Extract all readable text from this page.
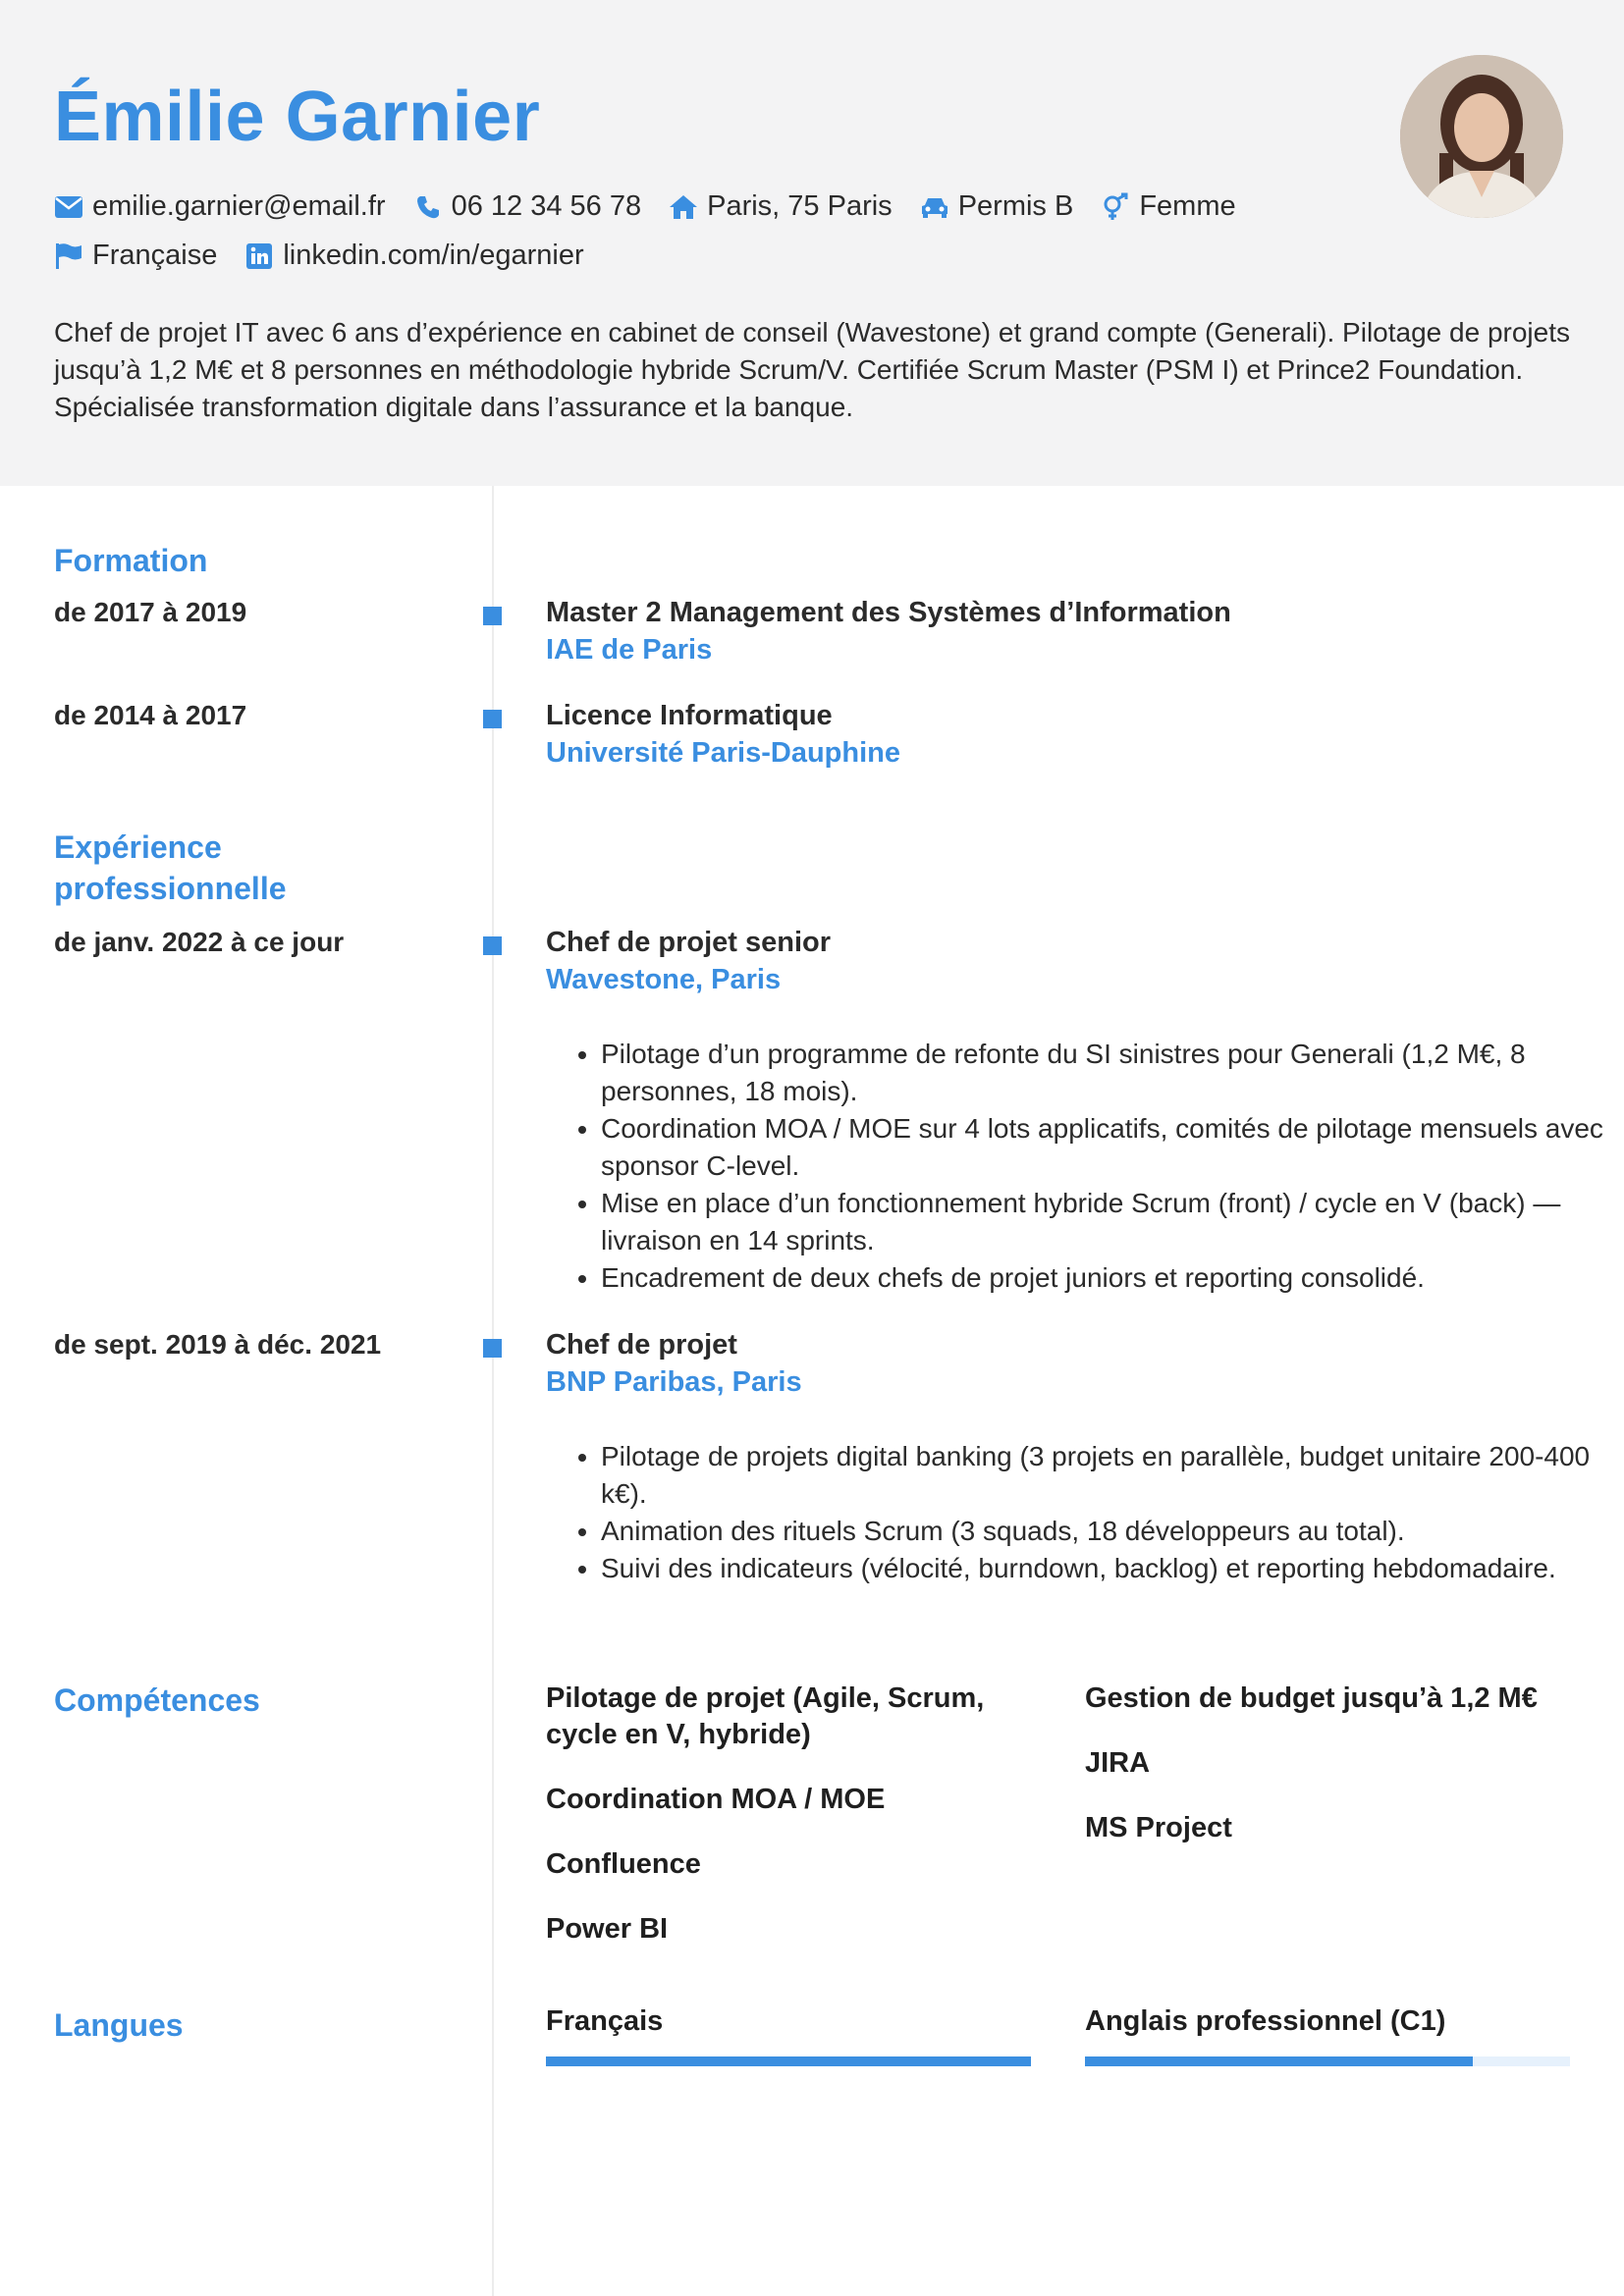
Émilie Garnier
emilie.garnier@email.fr 06 12 34 56 78 Paris, 75 Paris Permis B Femme
Française linkedin.com/in/egarnier
Chef de projet IT avec 6 ans d’expérience en cabinet de conseil (Wavestone) et grand compte (Generali). Pilotage de projets jusqu’à 1,2 M€ et 8 personnes en méthodologie hybride Scrum/V. Certifiée Scrum Master (PSM I) et Prince2 Foundation. Spécialisée transformation digitale dans l’assurance et la banque.
Formation
de 2017 à 2019	Master 2 Management des Systèmes d’Information
IAE de Paris
de 2014 à 2017	Licence Informatique
Université Paris-Dauphine
Expérience
professionnelle
de janv. 2022 à ce jour	Chef de projet senior
Wavestone, Paris
• Pilotage d’un programme de refonte du SI sinistres pour Generali (1,2 M€, 8 personnes, 18 mois).
• Coordination MOA / MOE sur 4 lots applicatifs, comités de pilotage mensuels avec sponsor C-level.
• Mise en place d’un fonctionnement hybride Scrum (front) / cycle en V (back) — livraison en 14 sprints.
• Encadrement de deux chefs de projet juniors et reporting consolidé.
de sept. 2019 à déc. 2021	Chef de projet
BNP Paribas, Paris
• Pilotage de projets digital banking (3 projets en parallèle, budget unitaire 200-400 k€).
• Animation des rituels Scrum (3 squads, 18 développeurs au total).
• Suivi des indicateurs (vélocité, burndown, backlog) et reporting hebdomadaire.
Compétences	Pilotage de projet (Agile, Scrum, cycle en V, hybride)
Coordination MOA / MOE
Confluence
Power BI
Gestion de budget jusqu’à 1,2 M€
JIRA
MS Project
Langues	Français	Anglais professionnel (C1)
